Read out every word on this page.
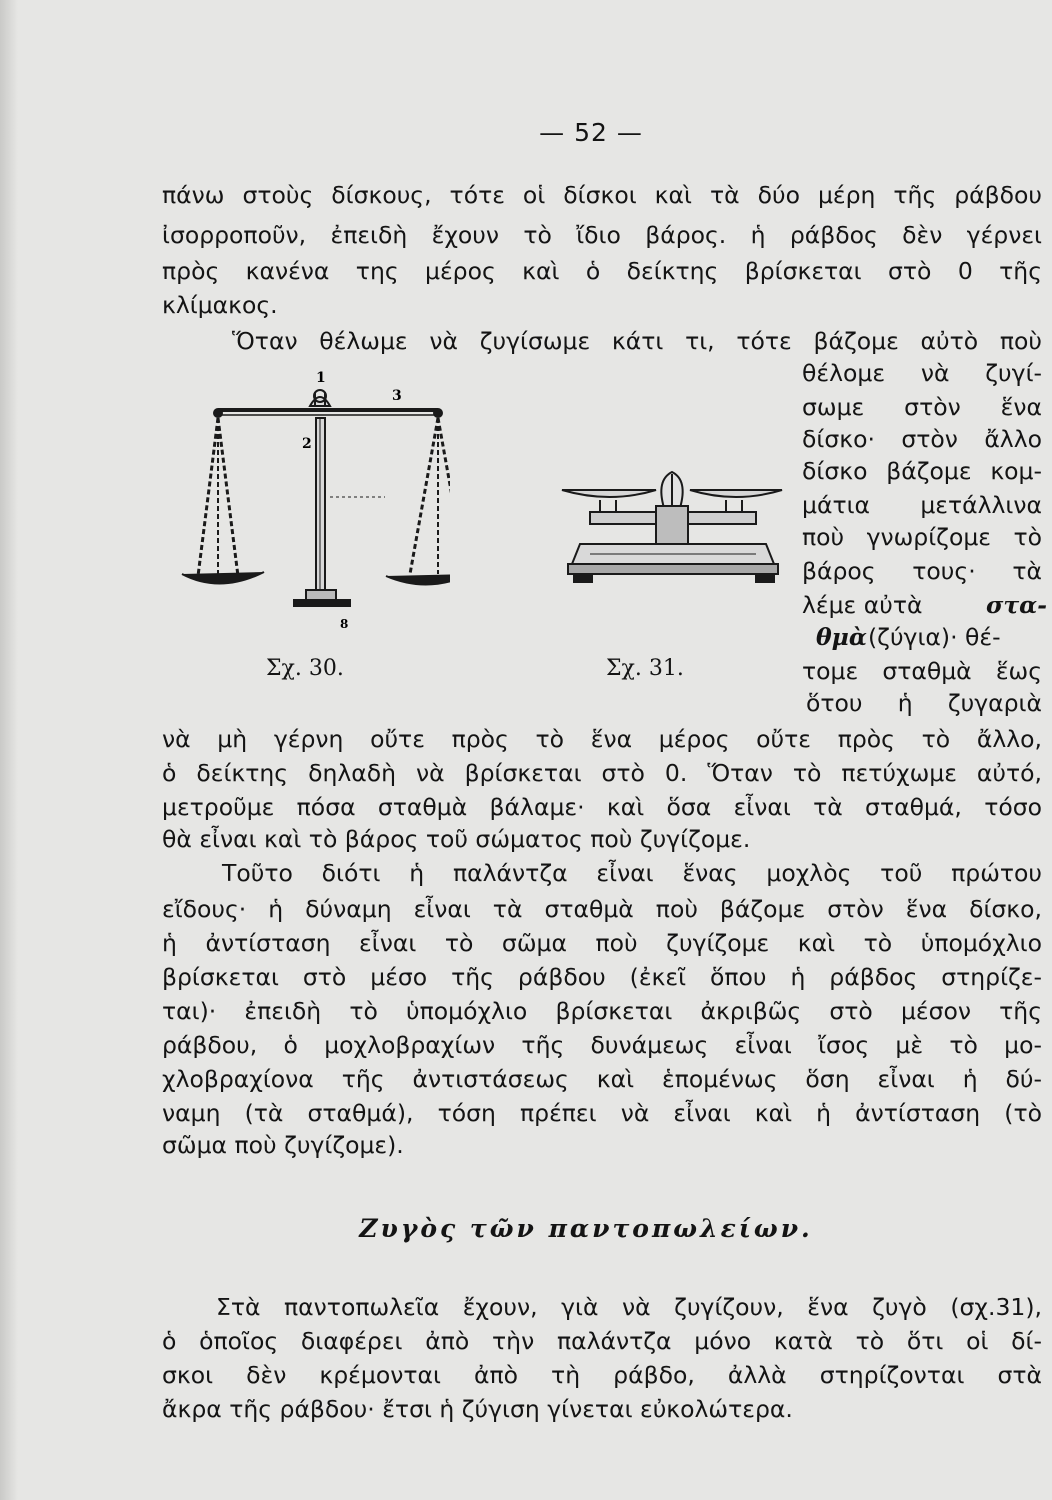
— 52 —
πάνω στοὺς δίσκους, τότε οἱ δίσκοι καὶ τὰ δύο μέρη τῆς ράβδου
ἰσορροποῦν, ἐπειδὴ ἔχουν τὸ ἴδιο βάρος. ἡ ράβδος δὲν γέρνει
πρὸς κανένα της μέρος καὶ ὁ δείκτης βρίσκεται στὸ 0 τῆς
κλίμακος.
Ὅταν θέλωμε νὰ ζυγίσωμε κάτι τι, τότε βάζομε αὐτὸ ποὺ
θέλομε νὰ ζυγί-
σωμε στὸν ἕνα
δίσκο· στὸν ἄλλο
δίσκο βάζομε κομ-
μάτια μετάλλινα
ποὺ γνωρίζομε τὸ
βάρος τους· τὰ
λέμε αὐτὰ	στα-
θμὰ (ζύγια)· θέ-
τομε σταθμὰ ἕως
ὅτου ἡ ζυγαριὰ
1
2
3
8
Σχ. 30.	Σχ. 31.
νὰ μὴ γέρνη οὔτε πρὸς τὸ ἕνα μέρος οὔτε πρὸς τὸ ἄλλο,
ὁ δείκτης δηλαδὴ νὰ βρίσκεται στὸ 0. Ὅταν τὸ πετύχωμε αὐτό,
μετροῦμε πόσα σταθμὰ βάλαμε· καὶ ὅσα εἶναι τὰ σταθμά, τόσο
θὰ εἶναι καὶ τὸ βάρος τοῦ σώματος ποὺ ζυγίζομε.
Τοῦτο διότι ἡ παλάντζα εἶναι ἕνας μοχλὸς τοῦ πρώτου
εἴδους· ἡ δύναμη εἶναι τὰ σταθμὰ ποὺ βάζομε στὸν ἕνα δίσκο,
ἡ ἀντίσταση εἶναι τὸ σῶμα ποὺ ζυγίζομε καὶ τὸ ὑπομόχλιο
βρίσκεται στὸ μέσο τῆς ράβδου (ἐκεῖ ὅπου ἡ ράβδος στηρίζε-
ται)· ἐπειδὴ τὸ ὑπομόχλιο βρίσκεται ἀκριβῶς στὸ μέσον τῆς
ράβδου, ὁ μοχλοβραχίων τῆς δυνάμεως εἶναι ἴσος μὲ τὸ μο-
χλοβραχίονα τῆς ἀντιστάσεως καὶ ἑπομένως ὅση εἶναι ἡ δύ-
ναμη (τὰ σταθμά), τόση πρέπει νὰ εἶναι καὶ ἡ ἀντίσταση (τὸ
σῶμα ποὺ ζυγίζομε).
Ζυγὸς τῶν παντοπωλείων.
Στὰ παντοπωλεῖα ἔχουν, γιὰ νὰ ζυγίζουν, ἕνα ζυγὸ (σχ.31),
ὁ ὁποῖος διαφέρει ἀπὸ τὴν παλάντζα μόνο κατὰ τὸ ὅτι οἱ δί-
σκοι δὲν κρέμονται ἀπὸ τὴ ράβδο, ἀλλὰ στηρίζονται στὰ
ἄκρα τῆς ράβδου· ἔτσι ἡ ζύγιση γίνεται εὐκολώτερα.
